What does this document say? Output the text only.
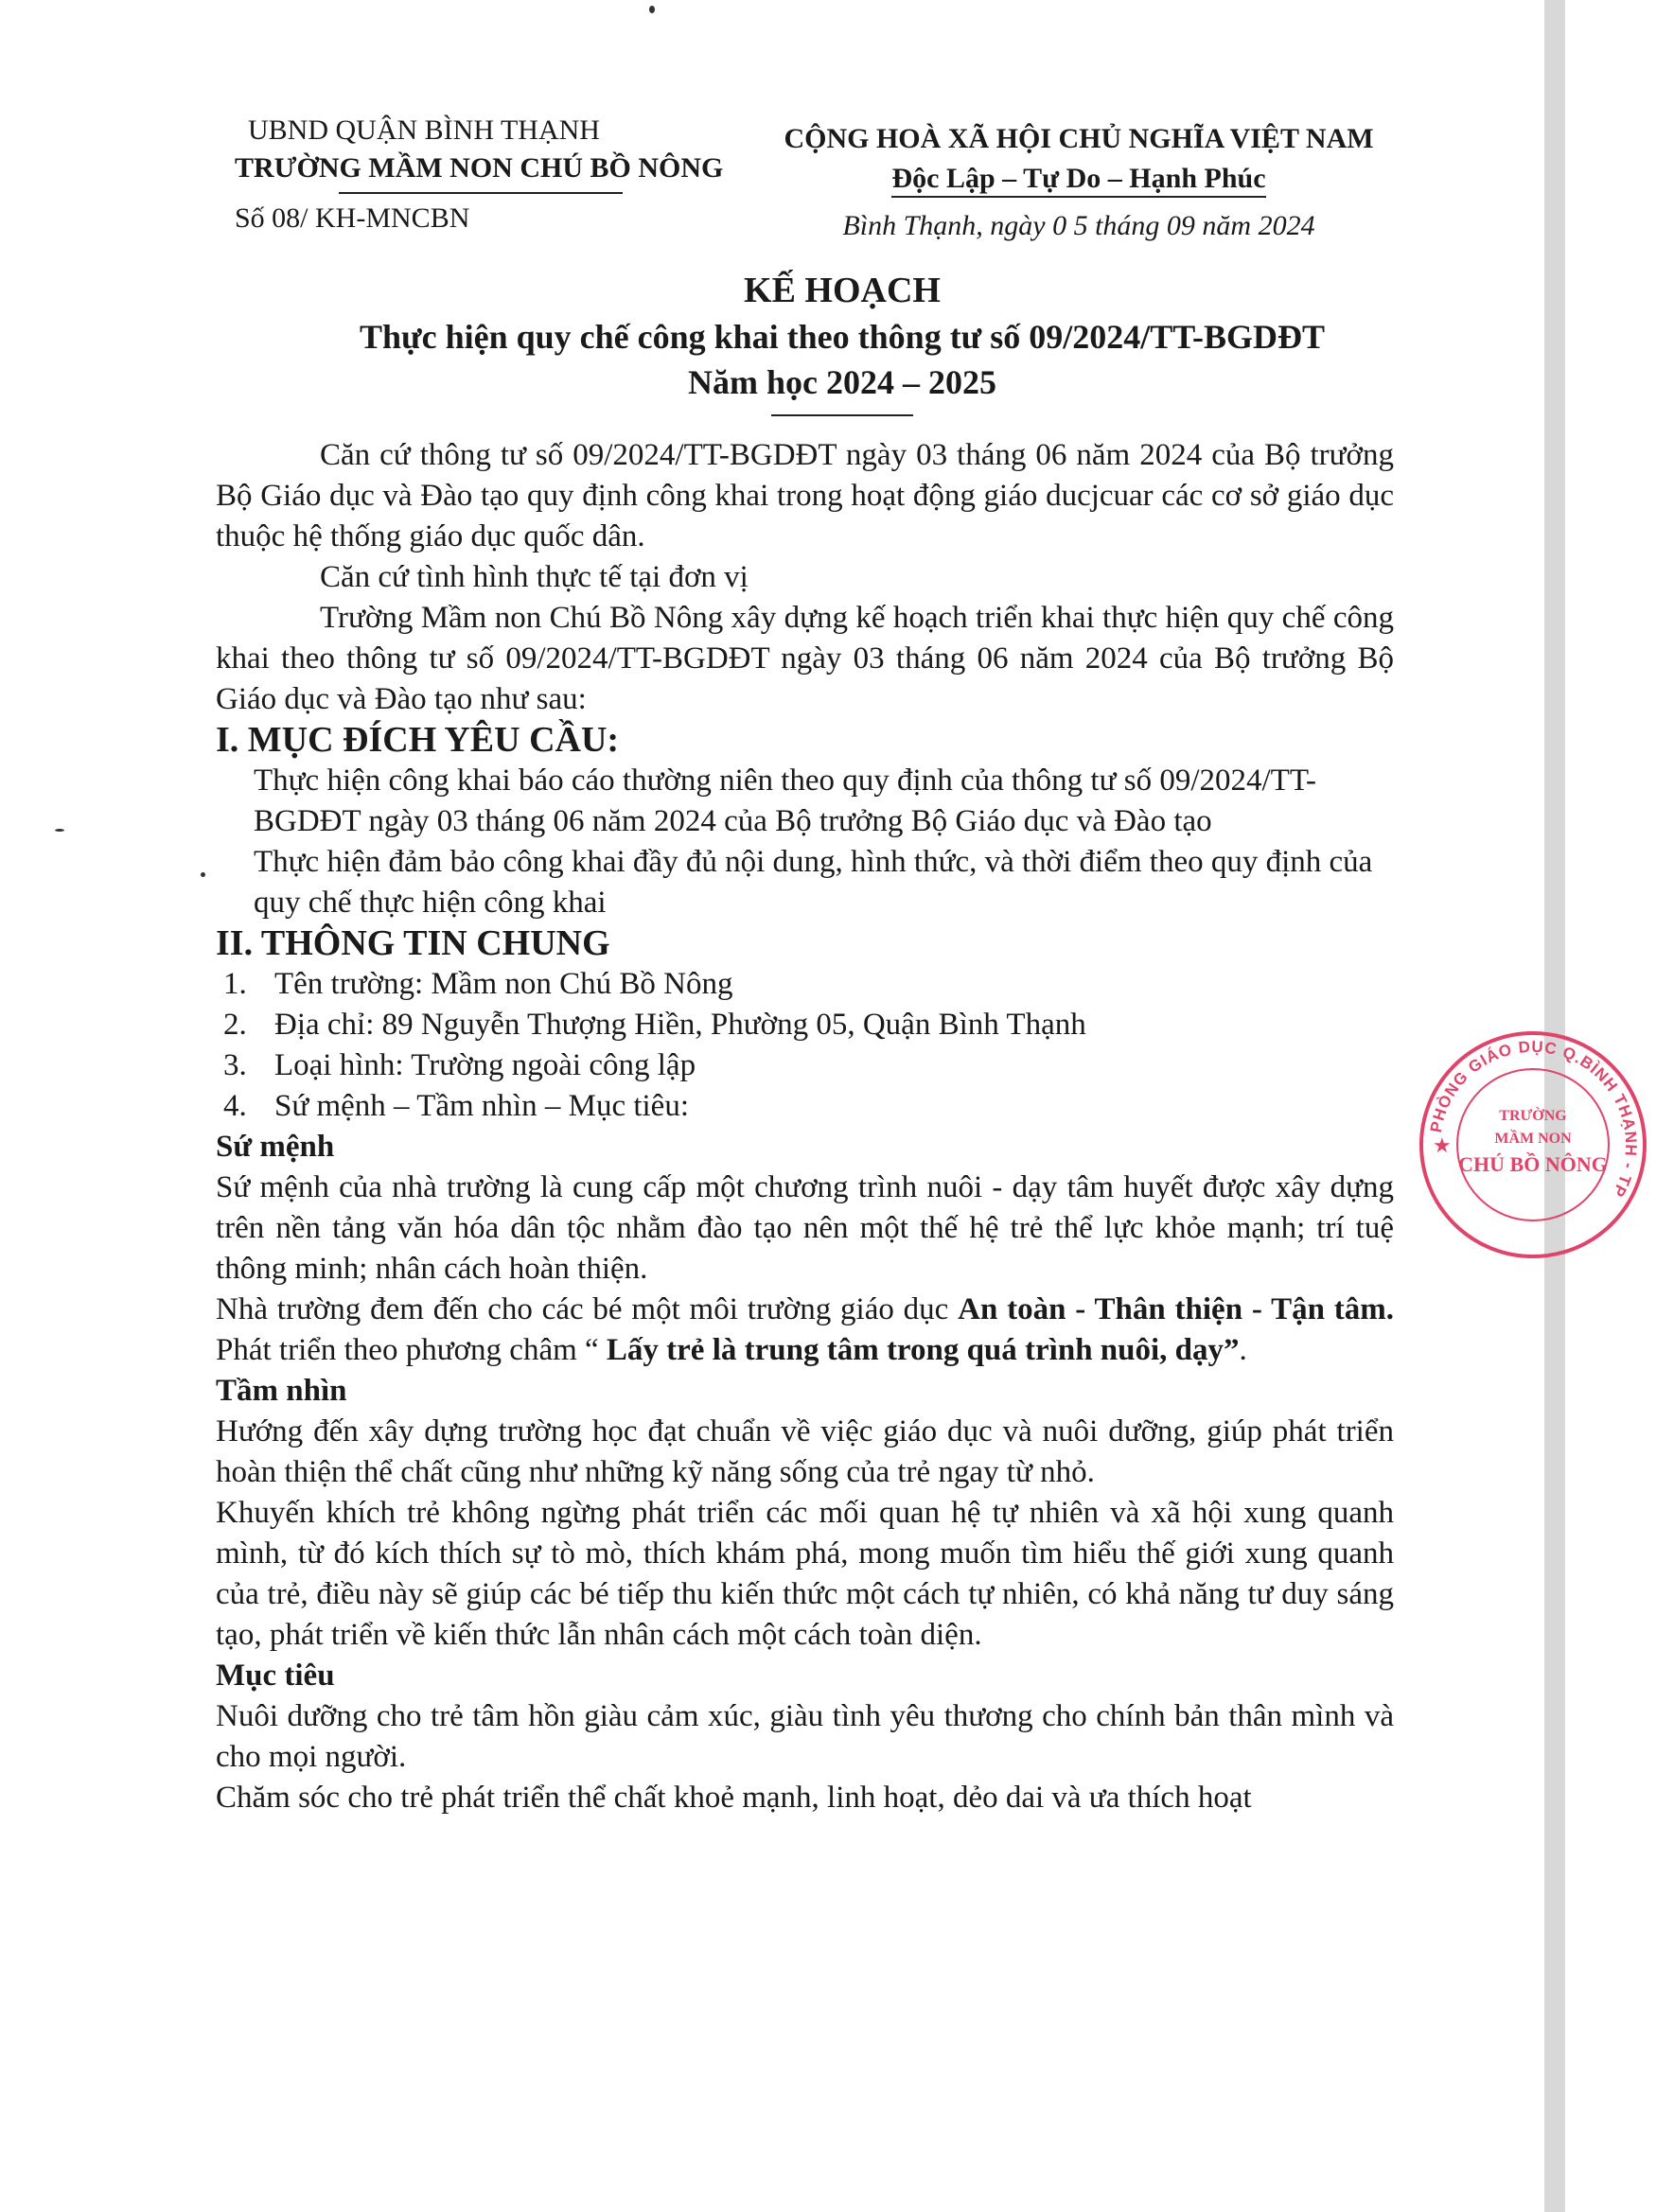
UBND QUẬN BÌNH THẠNH
TRƯỜNG MẦM NON CHÚ BỒ NÔNG
Số 08/ KH-MNCBN
CỘNG HOÀ XÃ HỘI CHỦ NGHĨA VIỆT NAM
Độc Lập – Tự Do – Hạnh Phúc
Bình Thạnh, ngày 0 5 tháng 09 năm 2024
KẾ HOẠCH
Thực hiện quy chế công khai theo thông tư số 09/2024/TT-BGDĐT
Năm học 2024 – 2025

Căn cứ thông tư số 09/2024/TT-BGDĐT ngày 03 tháng 06 năm 2024 của Bộ trưởng Bộ Giáo dục và Đào tạo quy định công khai trong hoạt động giáo ducjcuar các cơ sở giáo dục thuộc hệ thống giáo dục quốc dân.

Căn cứ tình hình thực tế tại đơn vị

Trường Mầm non Chú Bồ Nông xây dựng kế hoạch triển khai thực hiện quy chế công khai theo thông tư số 09/2024/TT-BGDĐT ngày 03 tháng 06 năm 2024 của Bộ trưởng Bộ Giáo dục và Đào tạo như sau:

I. MỤC ĐÍCH YÊU CẦU:

Thực hiện công khai báo cáo thường niên theo quy định của thông tư số 09/2024/TT-BGDĐT ngày 03 tháng 06 năm 2024 của Bộ trưởng Bộ Giáo dục và Đào tạo

Thực hiện đảm bảo công khai đầy đủ nội dung, hình thức, và thời điểm theo quy định của quy chế thực hiện công khai

II. THÔNG TIN CHUNG

1. Tên trường: Mầm non Chú Bồ Nông
2. Địa chỉ: 89 Nguyễn Thượng Hiền, Phường 05, Quận Bình Thạnh
3. Loại hình: Trường ngoài công lập
4. Sứ mệnh – Tầm nhìn – Mục tiêu:

Sứ mệnh

Sứ mệnh của nhà trường là cung cấp một chương trình nuôi - dạy tâm huyết được xây dựng trên nền tảng văn hóa dân tộc nhằm đào tạo nên một thế hệ trẻ thể lực khỏe mạnh; trí tuệ thông minh; nhân cách hoàn thiện.

Nhà trường đem đến cho các bé một môi trường giáo dục An toàn - Thân thiện - Tận tâm. Phát triển theo phương châm “ Lấy trẻ là trung tâm trong quá trình nuôi, dạy”.

Tầm nhìn

Hướng đến xây dựng trường học đạt chuẩn về việc giáo dục và nuôi dưỡng, giúp phát triển hoàn thiện thể chất cũng như những kỹ năng sống của trẻ ngay từ nhỏ.

Khuyến khích trẻ không ngừng phát triển các mối quan hệ tự nhiên và xã hội xung quanh mình, từ đó kích thích sự tò mò, thích khám phá, mong muốn tìm hiểu thế giới xung quanh của trẻ, điều này sẽ giúp các bé tiếp thu kiến thức một cách tự nhiên, có khả năng tư duy sáng tạo, phát triển về kiến thức lẫn nhân cách một cách toàn diện.

Mục tiêu

Nuôi dưỡng cho trẻ tâm hồn giàu cảm xúc, giàu tình yêu thương cho chính bản thân mình và cho mọi người.

Chăm sóc cho trẻ phát triển thể chất khoẻ mạnh, linh hoạt, dẻo dai và ưa thích hoạt

PHÒNG GIÁO DỤC Q.BÌNH THẠNH - TP
★
TRƯỜNG
MẦM NON
CHÚ BỒ NÔNG
